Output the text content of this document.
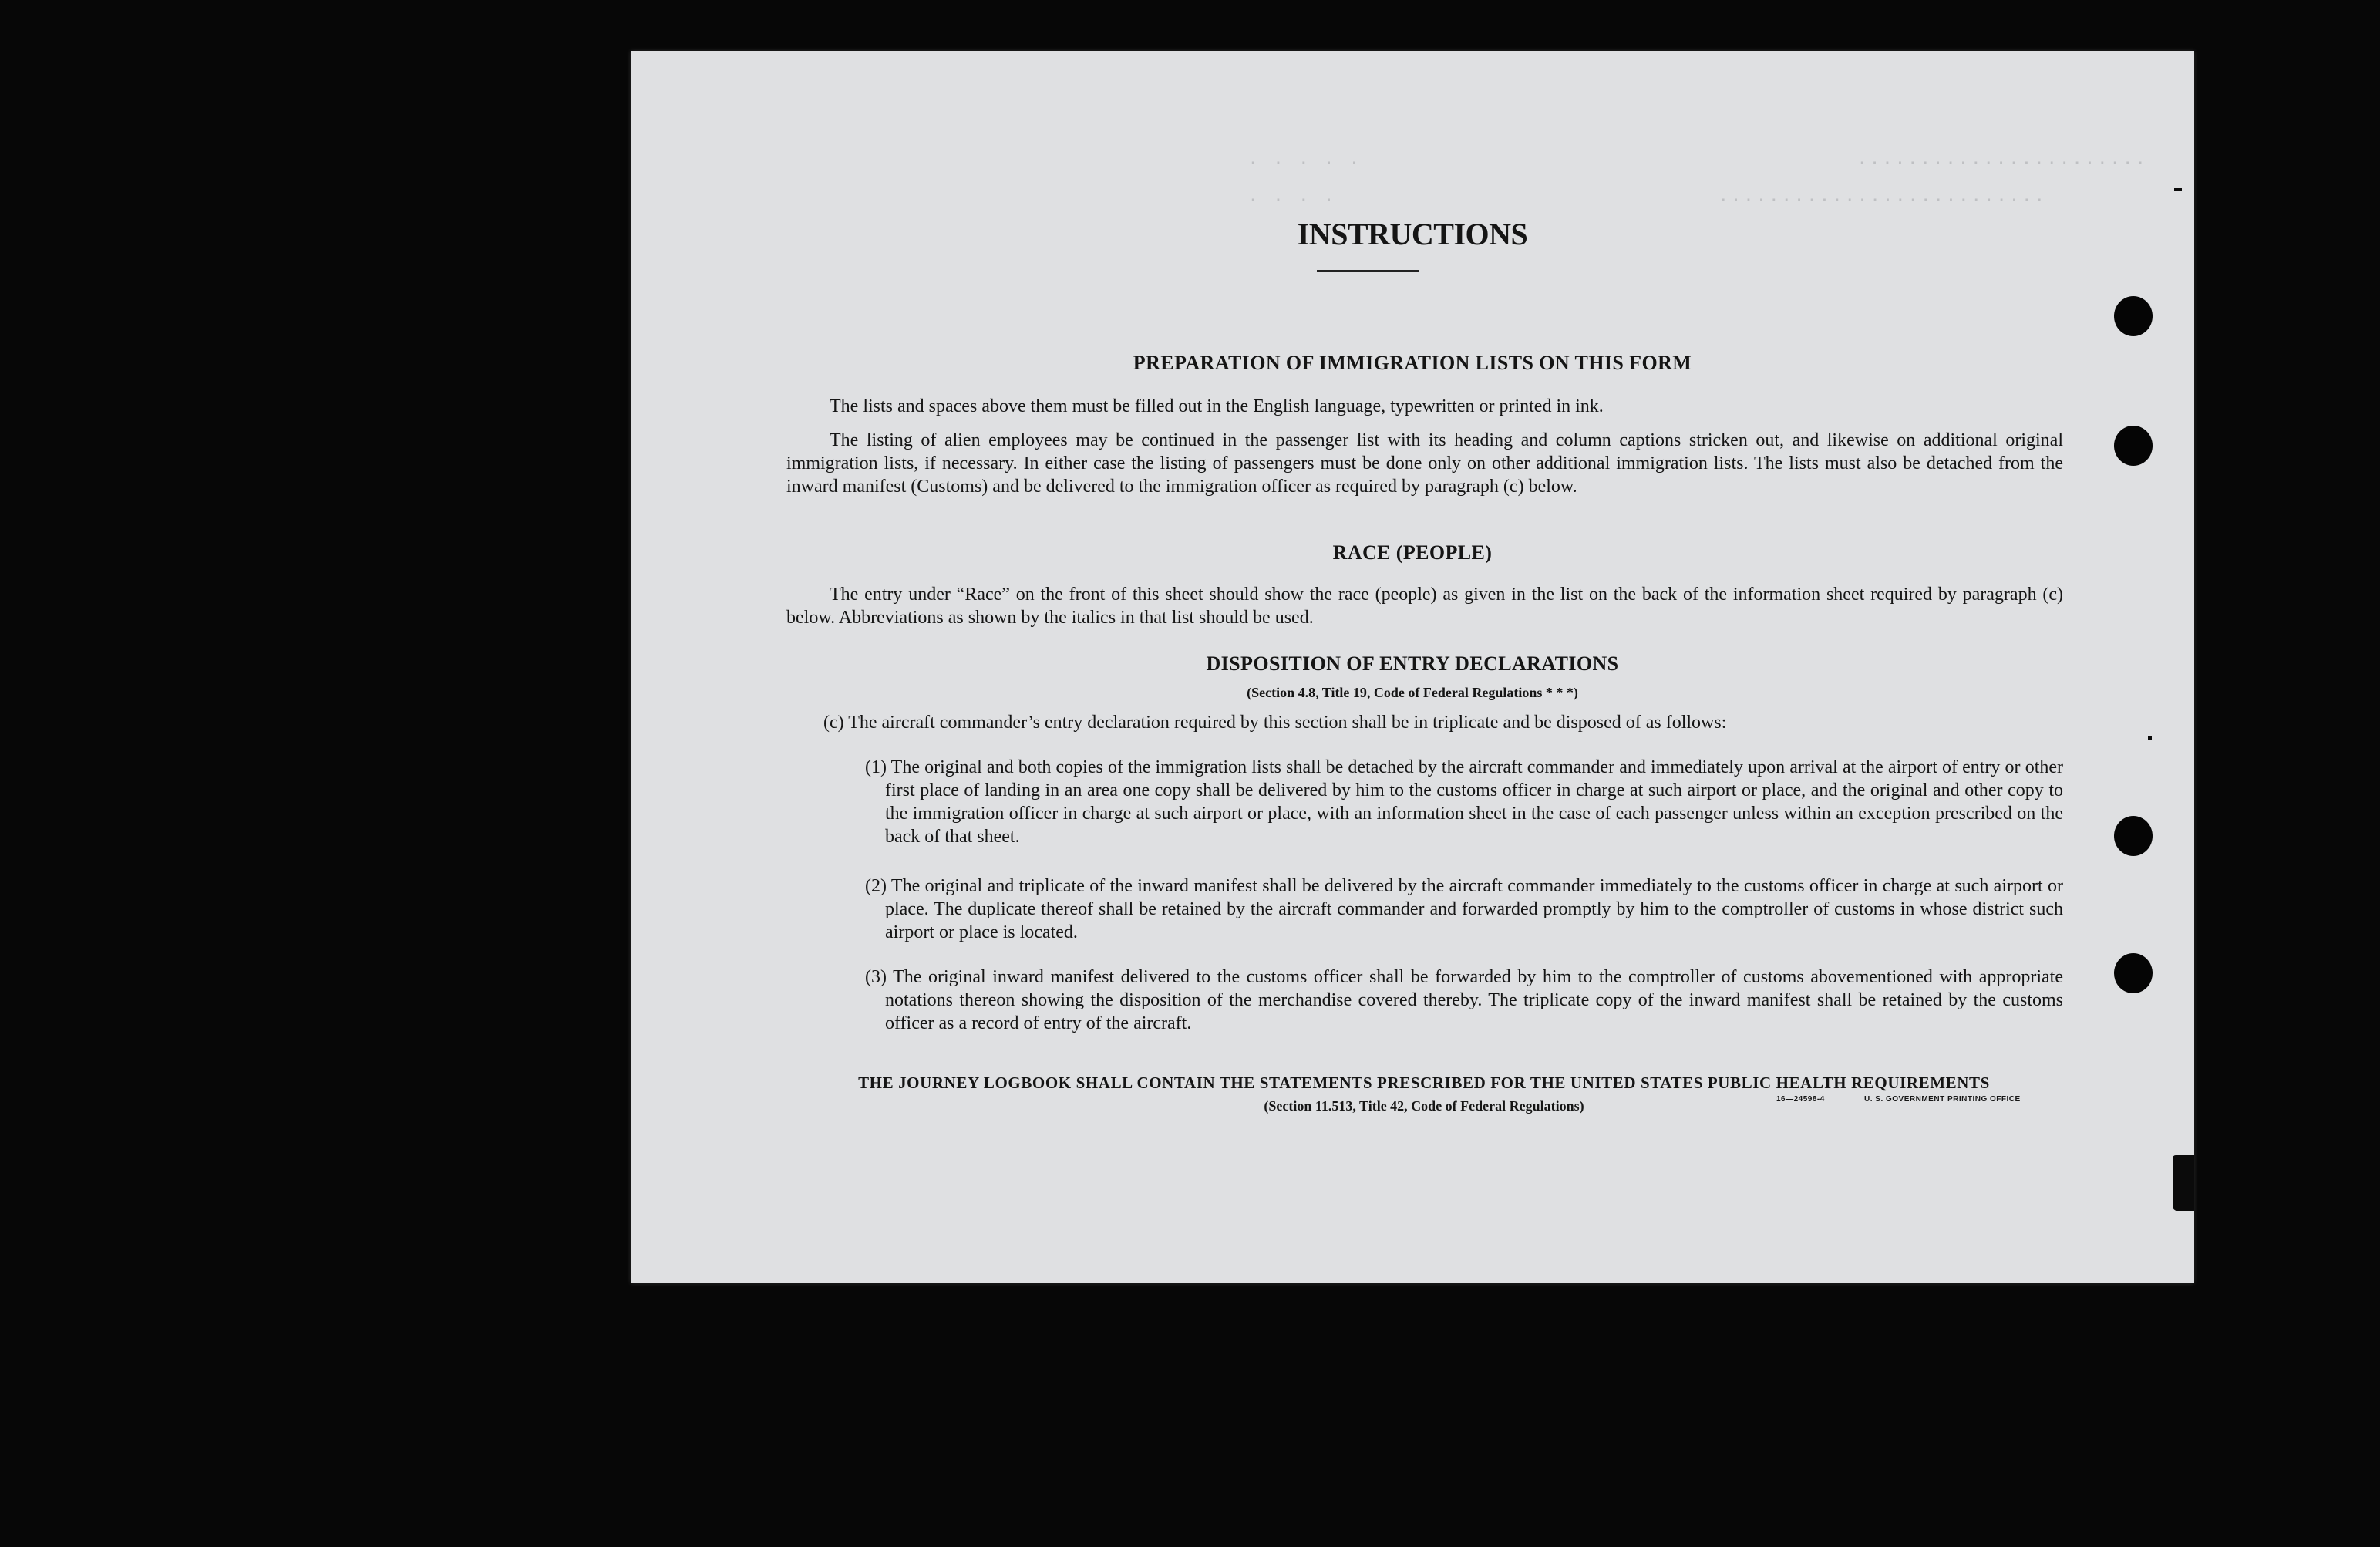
. . . . .
. . . .	..........................
.......................
INSTRUCTIONS
PREPARATION OF IMMIGRATION LISTS ON THIS FORM
The lists and spaces above them must be filled out in the English language, typewritten or printed in ink.
The listing of alien employees may be continued in the passenger list with its heading and column captions stricken out, and likewise on additional original immigration lists, if necessary. In either case the listing of passengers must be done only on other additional immigration lists. The lists must also be detached from the inward manifest (Customs) and be delivered to the immigration officer as required by paragraph (c) below.
RACE (PEOPLE)
The entry under “Race” on the front of this sheet should show the race (people) as given in the list on the back of the information sheet required by paragraph (c) below. Abbreviations as shown by the italics in that list should be used.
DISPOSITION OF ENTRY DECLARATIONS
(Section 4.8, Title 19, Code of Federal Regulations * * *)
(c) The aircraft commander’s entry declaration required by this section shall be in triplicate and be disposed of as follows:
(1) The original and both copies of the immigration lists shall be detached by the aircraft commander and immediately upon arrival at the airport of entry or other first place of landing in an area one copy shall be delivered by him to the customs officer in charge at such airport or place, and the original and other copy to the immigration officer in charge at such airport or place, with an information sheet in the case of each passenger unless within an exception prescribed on the back of that sheet.
(2) The original and triplicate of the inward manifest shall be delivered by the aircraft commander immediately to the customs officer in charge at such airport or place. The duplicate thereof shall be retained by the aircraft commander and forwarded promptly by him to the comptroller of customs in whose district such airport or place is located.
(3) The original inward manifest delivered to the customs officer shall be forwarded by him to the comptroller of customs abovementioned with appropriate notations thereon showing the disposition of the merchandise covered thereby. The triplicate copy of the inward manifest shall be retained by the customs officer as a record of entry of the aircraft.
THE JOURNEY LOGBOOK SHALL CONTAIN THE STATEMENTS PRESCRIBED FOR THE UNITED STATES PUBLIC HEALTH REQUIREMENTS
(Section 11.513, Title 42, Code of Federal Regulations)	16—24598-4	U. S. GOVERNMENT PRINTING OFFICE
